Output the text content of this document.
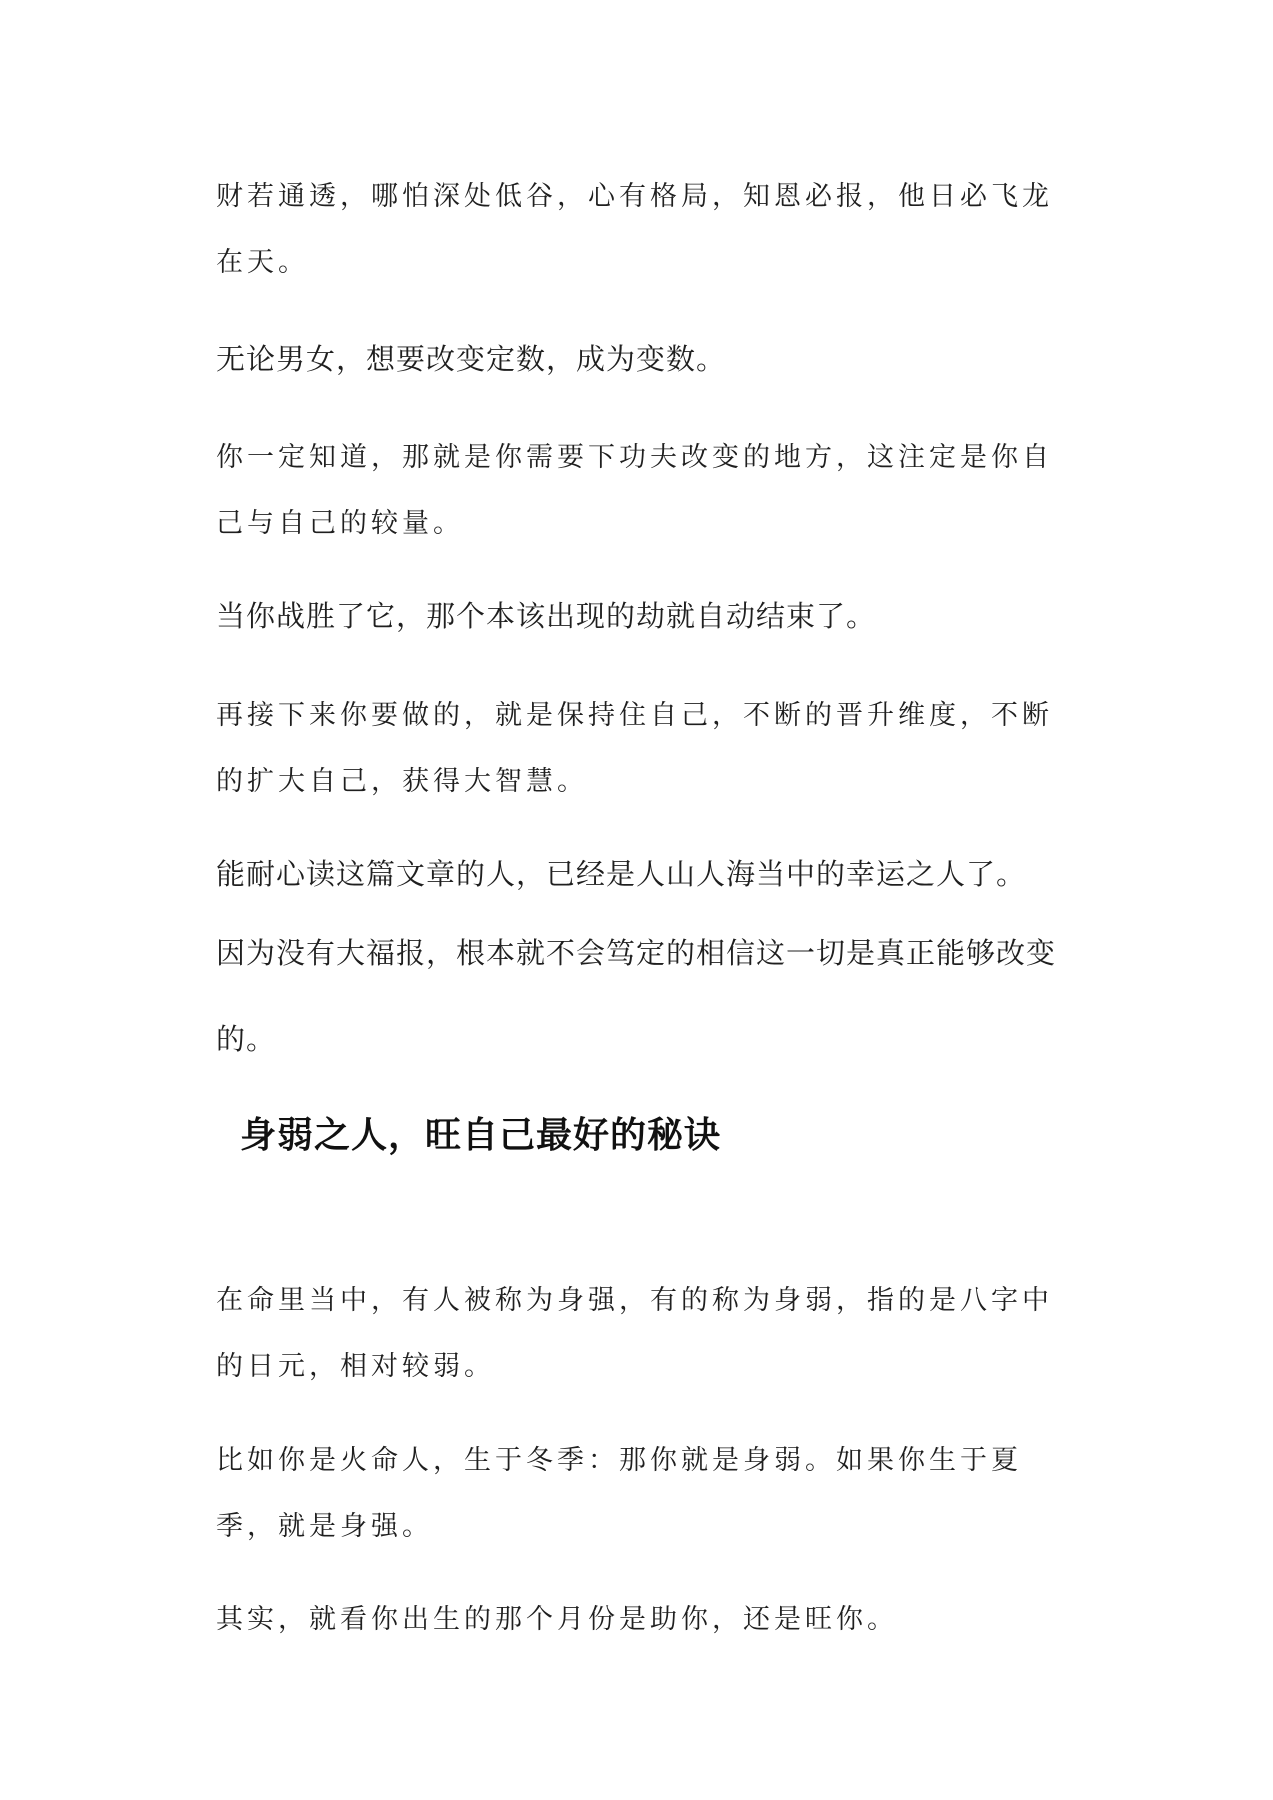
财若通透，哪怕深处低谷，心有格局，知恩必报，他日必飞龙在天。

无论男女，想要改变定数，成为变数。

你一定知道，那就是你需要下功夫改变的地方，这注定是你自己与自己的较量。

当你战胜了它，那个本该出现的劫就自动结束了。

再接下来你要做的，就是保持住自己，不断的晋升维度，不断的扩大自己，获得大智慧。

能耐心读这篇文章的人，已经是人山人海当中的幸运之人了。

因为没有大福报，根本就不会笃定的相信这一切是真正能够改变的。

身弱之人，旺自己最好的秘诀

在命里当中，有人被称为身强，有的称为身弱，指的是八字中的日元，相对较弱。

比如你是火命人，生于冬季：那你就是身弱。如果你生于夏季，就是身强。

其实，就看你出生的那个月份是助你，还是旺你。
